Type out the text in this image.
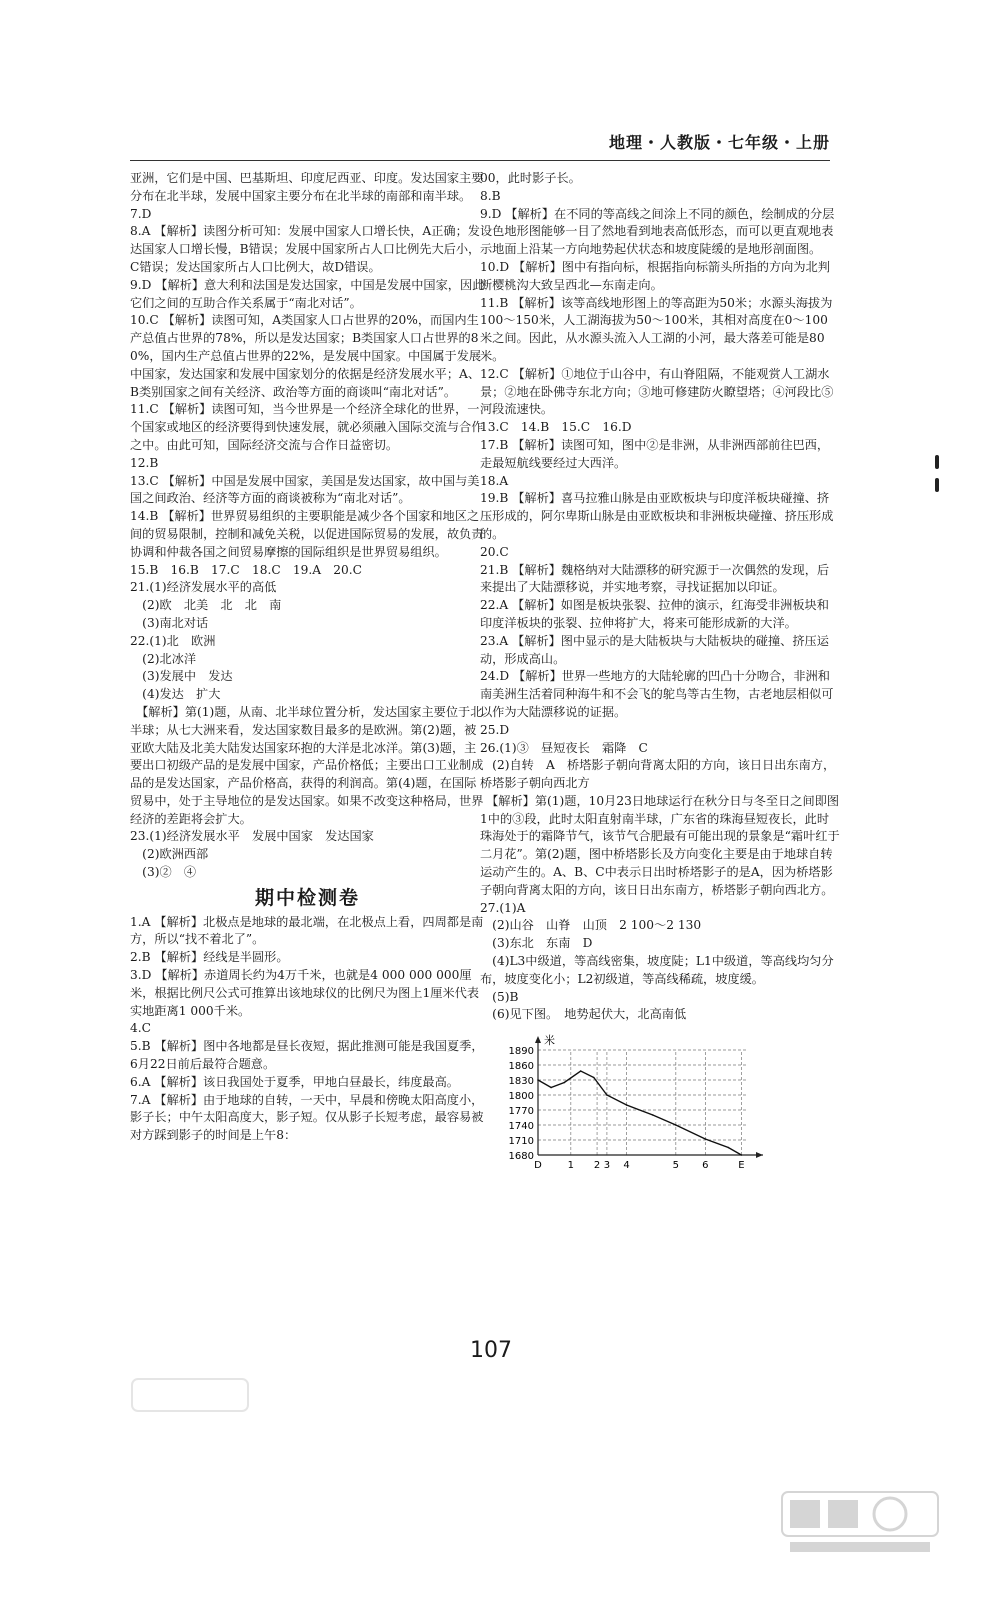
地理・人教版・七年级・上册

亚洲，它们是中国、巴基斯坦、印度尼西亚、印度。发达国家主要分布在北半球，发展中国家主要分布在北半球的南部和南半球。

7.D

8.A 【解析】读图分析可知：发展中国家人口增长快，A正确；发达国家人口增长慢，B错误；发展中国家所占人口比例先大后小，C错误；发达国家所占人口比例大，故D错误。

9.D 【解析】意大利和法国是发达国家，中国是发展中国家，因此它们之间的互助合作关系属于“南北对话”。

10.C 【解析】读图可知，A类国家人口占世界的20%，而国内生产总值占世界的78%，所以是发达国家；B类国家人口占世界的80%，国内生产总值占世界的22%，是发展中国家。中国属于发展中国家，发达国家和发展中国家划分的依据是经济发展水平；A、B类别国家之间有关经济、政治等方面的商谈叫“南北对话”。

11.C 【解析】读图可知，当今世界是一个经济全球化的世界，一个国家或地区的经济要得到快速发展，就必须融入国际交流与合作之中。由此可知，国际经济交流与合作日益密切。

12.B

13.C 【解析】中国是发展中国家，美国是发达国家，故中国与美国之间政治、经济等方面的商谈被称为“南北对话”。

14.B 【解析】世界贸易组织的主要职能是减少各个国家和地区之间的贸易限制，控制和减免关税，以促进国际贸易的发展，故负责协调和仲裁各国之间贸易摩擦的国际组织是世界贸易组织。

15.B　16.B　17.C　18.C　19.A　20.C

21.(1)经济发展水平的高低

　(2)欧　北美　北　北　南

　(3)南北对话

22.(1)北　欧洲

　(2)北冰洋

　(3)发展中　发达

　(4)发达　扩大

　【解析】第(1)题，从南、北半球位置分析，发达国家主要位于北半球；从七大洲来看，发达国家数目最多的是欧洲。第(2)题，被亚欧大陆及北美大陆发达国家环抱的大洋是北冰洋。第(3)题，主要出口初级产品的是发展中国家，产品价格低；主要出口工业制成品的是发达国家，产品价格高，获得的利润高。第(4)题，在国际贸易中，处于主导地位的是发达国家。如果不改变这种格局，世界经济的差距将会扩大。

23.(1)经济发展水平　发展中国家　发达国家

　(2)欧洲西部

　(3)②　④

期中检测卷

1.A 【解析】北极点是地球的最北端，在北极点上看，四周都是南方，所以“找不着北了”。

2.B 【解析】经线是半圆形。

3.D 【解析】赤道周长约为4万千米，也就是4 000 000 000厘米，根据比例尺公式可推算出该地球仪的比例尺为图上1厘米代表实地距离1 000千米。

4.C

5.B 【解析】图中各地都是昼长夜短，据此推测可能是我国夏季，6月22日前后最符合题意。

6.A 【解析】该日我国处于夏季，甲地白昼最长，纬度最高。

7.A 【解析】由于地球的自转，一天中，早晨和傍晚太阳高度小，影子长；中午太阳高度大，影子短。仅从影子长短考虑，最容易被对方踩到影子的时间是上午8：

00，此时影子长。

8.B

9.D 【解析】在不同的等高线之间涂上不同的颜色，绘制成的分层设色地形图能够一目了然地看到地表高低形态，而可以更直观地表示地面上沿某一方向地势起伏状态和坡度陡缓的是地形剖面图。

10.D 【解析】图中有指向标，根据指向标箭头所指的方向为北判断樱桃沟大致呈西北—东南走向。

11.B 【解析】该等高线地形图上的等高距为50米；水源头海拔为100～150米，人工湖海拔为50～100米，其相对高度在0～100米之间。因此，从水源头流入人工湖的小河，最大落差可能是80米。

12.C 【解析】①地位于山谷中，有山脊阻隔，不能观赏人工湖水景；②地在卧佛寺东北方向；③地可修建防火瞭望塔；④河段比⑤河段流速快。

13.C　14.B　15.C　16.D

17.B 【解析】读图可知，图中②是非洲，从非洲西部前往巴西，走最短航线要经过大西洋。

18.A

19.B 【解析】喜马拉雅山脉是由亚欧板块与印度洋板块碰撞、挤压形成的，阿尔卑斯山脉是由亚欧板块和非洲板块碰撞、挤压形成的。

20.C

21.B 【解析】魏格纳对大陆漂移的研究源于一次偶然的发现，后来提出了大陆漂移说，并实地考察，寻找证据加以印证。

22.A 【解析】如图是板块张裂、拉伸的演示，红海受非洲板块和印度洋板块的张裂、拉伸将扩大，将来可能形成新的大洋。

23.A 【解析】图中显示的是大陆板块与大陆板块的碰撞、挤压运动，形成高山。

24.D 【解析】世界一些地方的大陆轮廓的凹凸十分吻合，非洲和南美洲生活着同种海牛和不会飞的鸵鸟等古生物，古老地层相似可以作为大陆漂移说的证据。

25.D

26.(1)③　昼短夜长　霜降　C

　(2)自转　A　桥塔影子朝向背离太阳的方向，该日日出东南方，桥塔影子朝向西北方

　【解析】第(1)题，10月23日地球运行在秋分日与冬至日之间即图1中的③段，此时太阳直射南半球，广东省的珠海昼短夜长，此时珠海处于的霜降节气，该节气合肥最有可能出现的景象是“霜叶红于二月花”。第(2)题，图中桥塔影长及方向变化主要是由于地球自转运动产生的。A、B、C中表示日出时桥塔影子的是A，因为桥塔影子朝向背离太阳的方向，该日日出东南方，桥塔影子朝向西北方。

27.(1)A

　(2)山谷　山脊　山顶　2 100～2 130

　(3)东北　东南　D

　(4)L3中级道，等高线密集，坡度陡；L1中级道，等高线均匀分布，坡度变化小；L2初级道，等高线稀疏，坡度缓。

　(5)B

　(6)见下图。　地势起伏大，北高南低

1680
1710
1740
1770
1800
1830
1860
1890
米
D	1 2 3 4	5 6	E
107
